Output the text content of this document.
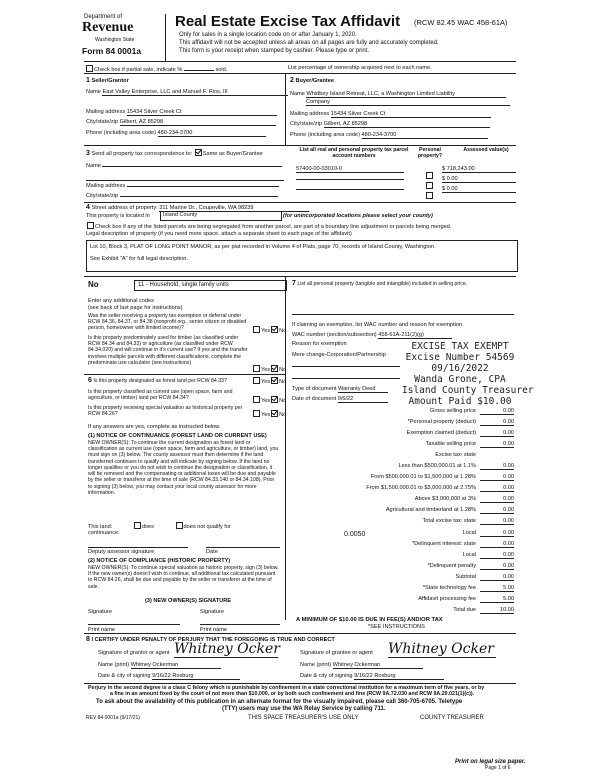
Department of
Revenue
Washington State
Form 84 0001a
Real Estate Excise Tax Affidavit (RCW 82.45 WAC 458-61A)
Only for sales in a single location code on or after January 1, 2020.
This affidavit will not be accepted unless all areas on all pages are fully and accurately completed.
This form is your receipt when stamped by cashier. Please type or print.
Check box if partial sale, indicate %	sold.	List percentage of ownership acquired next to each name.
1 Seller/Grantor
Name East Valley Enterprise, LLC and Manuel F. Rios, III
Mailing address 15434 Silver Creek Ct
City/state/zip Gilbert, AZ 85298
Phone (including area code) 480-234-3700
2 Buyer/Grantee
Name Whidbey Island Retreat, LLC, a Washington Limited Liability
Company
Mailing address 15434 Silver Creek Ct
City/state/zip Gilbert, AZ 85298
Phone (including area code) 480-234-3700
3 Send all property tax correspondence to: Same as Buyer/Grantee
Name
Mailing address
City/state/zip
List all real and personal property tax parcel account numbers
Personal property?
Assessed value(s)
57400-00-03010-0	$ 718,243.00
$ 0.00
$ 0.00
4 Street address of property: 311 Marine Dr., Coupeville, WA 98239
This property is located in	Island County	(for unincorporated locations please select your county)
Check box if any of the listed parcels are being segregated from another parcel, are part of a boundary line adjustment or parcels being merged.
Legal description of property (if you need more space, attach a separate sheet to each page of the affidavit)
Lot 10, Block 3, PLAT OF LONG POINT MANOR, as per plat recorded in Volume 4 of Plats, page 70, records of Island County, Washington.
See Exhibit "A" for full legal description.
No	11 - Household, single family units
Enter any additional codes
(see back of last page for instructions)
Was the seller receiving a property tax exemption or deferral under RCW 84.36, 84.37, or 84.38 (nonprofit org., senior citizen or disabled person, homeowner with limited income)?	Yes No
Is this property predominately used for timber (as classified under RCW 84.34 and 84.33) or agriculture (as classified under RCW 84.34.020) and will continue in it's current use? If yes and the transfer involves multiple parcels with different classifications, complete the predominate use calculator (see instructions)
Yes No
6 Is this property designated as forest land per RCW 84.33?	Yes No
Is this property classified as current use (open space, farm and agriculture, or timber) land per RCW 84.34?	Yes No
Is this property receiving special valuation as historical property per RCW 84.26?	Yes No
If any answers are yes, complete as instructed below.
(1) NOTICE OF CONTINUANCE (FOREST LAND OR CURRENT USE)
NEW OWNER(S): To continue the current designation as forest land or classification as current use (open space, farm and agriculture, or timber) land, you must sign on (3) below. The county assessor must then determine if the land transferred continues to qualify and will indicate by signing below. If the land no longer qualifies or you do not wish to continue the designation or classification, it will be removed and the compensating or additional taxes will be due and payable by the seller or transferor at the time of sale (RCW 84.33.140 or 84.34.108). Prior to signing (3) below, you may contact your local county assessor for more information.
This land:	does	does not qualify for
continuance.
Deputy assessor signature	Date
(2) NOTICE OF COMPLIANCE (HISTORIC PROPERTY)
NEW OWNER(S): To continue special valuation as historic property, sign (3) below. If the new owner(s) doesn't wish to continue, all additional tax calculated pursuant to RCW 84.26, shall be due and payable by the seller or transferor at the time of sale.
(3) NEW OWNER(S) SIGNATURE
Signature	Signature
Print name	Print name
7 List all personal property (tangible and intangible) included in selling price.
If claiming an exemption, list WAC number and reason for exemption.
WAC number (section/subsection) 458-61A-211(2)(g)
Reason for exemption
Mere change-Corporation/Partnership
EXCISE TAX EXEMPT
Excise Number 54569
09/16/2022
Wanda Grone, CPA
Island County Treasurer
Amount Paid $10.00
Type of document Warranty Deed
Date of document 9/6/22
Gross selling price	0.00
*Personal property (deduct)	0.00
Exemption claimed (deduct)	0.00
Taxable selling price	0.00
Excise tax: state
Less than $500,000.01 at 1.1%	0.00
From $500,000.01 to $1,500,000 at 1.28%	0.00
From $1,500,000.01 to $3,000,000 at 2.75%	0.00
Above $3,000,000 at 3%	0.00
Agricultural and timberland at 1.28%	0.00
Total excise tax: state	0.00
0.0050	Local	0.00
*Delinquent interest: state	0.00
Local	0.00
*Delinquent penalty	0.00
Subtotal	0.00
*State technology fee	5.00
Affidavit processing fee	5.00
Total due	10.00
A MINIMUM OF $10.00 IS DUE IN FEE(S) AND/OR TAX
*SEE INSTRUCTIONS
8 I CERTIFY UNDER PENALTY OF PERJURY THAT THE FOREGOING IS TRUE AND CORRECT
Signature of grantor or agent Whitney Ocker
Name (print) Whitney Ockerman
Date & city of signing 9/16/22 Roxburg
Signature of grantee or agent Whitney Ocker
Name (print) Whitney Ockerman
Date & city of signing 9/16/22 Roxburg
Perjury in the second degree is a class C felony which is punishable by confinement in a state correctional institution for a maximum term of five years, or by
a fine in an amount fixed by the court of not more than $10,000, or by both such confinement and fine (RCW 9A.72.030 and RCW 9A.20.021(1)(c)).
To ask about the availability of this publication in an alternate format for the visually impaired, please call 360-705-6705. Teletype
(TTY) users may use the WA Relay Service by calling 711.
REV 84 0001a (9/17/21)	THIS SPACE TREASURER'S USE ONLY	COUNTY TREASURER
Print on legal size paper.
Page 1 of 6
